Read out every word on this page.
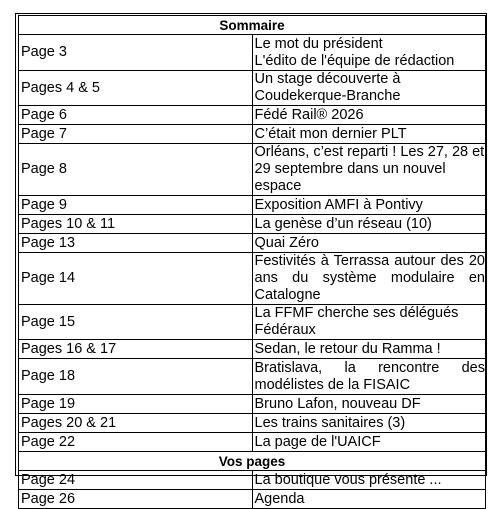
Sommaire	
Page 3	Le mot du président
L'édito de l'équipe de rédaction

Pages 4 & 5	Un stage découverte à Coudekerque-Branche
Page 6	Fédé Rail® 2026
Page 7	C’était mon dernier PLT
Page 8	Orléans, c’est reparti ! Les 27, 28 et 29 septembre dans un nouvel espace
Page 9	Exposition AMFI à Pontivy
Pages 10 & 11	La genèse d’un réseau (10)
Page 13	Quai Zéro
Page 14	Festivités à Terrassa autour des 20 ans du système modulaire en Catalogne
Page 15	La FFMF cherche ses délégués Fédéraux
Pages 16 & 17	Sedan, le retour du Ramma !
Page 18	Bratislava, la rencontre des modélistes de la FISAIC
Page 19	Bruno Lafon, nouveau DF
Pages 20 & 21	Les trains sanitaires (3)
Page 22	La page de l'UAICF
Vos pages	
Page 24	La boutique vous présente ...
Page 26	Agenda
